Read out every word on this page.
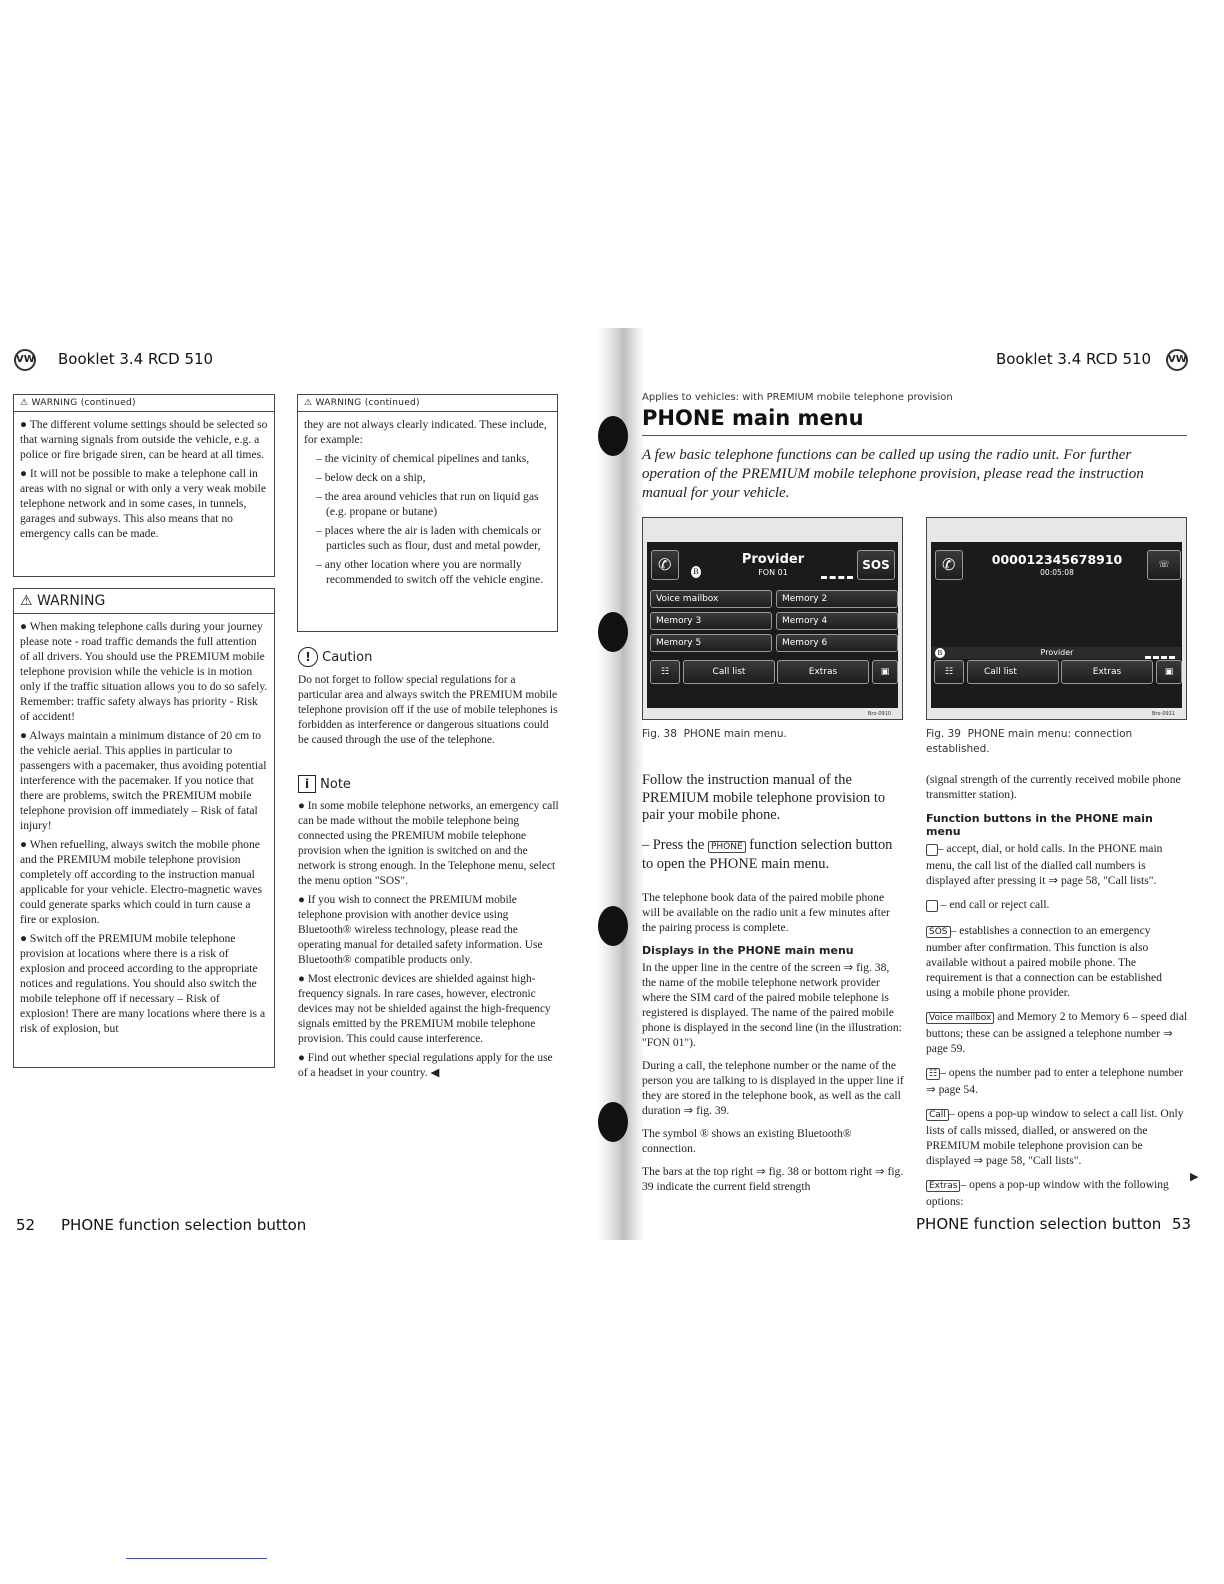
VW Booklet 3.4 RCD 510
⚠ WARNING (continued)

● The different volume settings should be selected so that warning signals from outside the vehicle, e.g. a police or fire brigade siren, can be heard at all times.

● It will not be possible to make a telephone call in areas with no signal or with only a very weak mobile telephone network and in some cases, in tunnels, garages and subways. This also means that no emergency calls can be made.

⚠ WARNING

● When making telephone calls during your journey please note - road traffic demands the full attention of all drivers. You should use the PREMIUM mobile telephone provision while the vehicle is in motion only if the traffic situation allows you to do so safely. Remember: traffic safety always has priority - Risk of accident!

● Always maintain a minimum distance of 20 cm to the vehicle aerial. This applies in particular to passengers with a pacemaker, thus avoiding potential interference with the pacemaker. If you notice that there are problems, switch the PREMIUM mobile telephone provision off immediately – Risk of fatal injury!

● When refuelling, always switch the mobile phone and the PREMIUM mobile telephone provision completely off according to the instruction manual applicable for your vehicle. Electro-magnetic waves could generate sparks which could in turn cause a fire or explosion.

● Switch off the PREMIUM mobile telephone provision at locations where there is a risk of explosion and proceed according to the appropriate notices and regulations. You should also switch the mobile telephone off if necessary – Risk of explosion! There are many locations where there is a risk of explosion, but

⚠ WARNING (continued)

they are not always clearly indicated. These include, for example:

– the vicinity of chemical pipelines and tanks,

– below deck on a ship,

– the area around vehicles that run on liquid gas (e.g. propane or butane)

– places where the air is laden with chemicals or particles such as flour, dust and metal powder,

– any other location where you are normally recommended to switch off the vehicle engine.

! Caution
Do not forget to follow special regulations for a particular area and always switch the PREMIUM mobile telephone provision off if the use of mobile telephones is forbidden as interference or dangerous situations could be caused through the use of the telephone.
i Note

● In some mobile telephone networks, an emergency call can be made without the mobile telephone being connected using the PREMIUM mobile telephone provision when the ignition is switched on and the network is strong enough. In the Telephone menu, select the menu option "SOS".

● If you wish to connect the PREMIUM mobile telephone provision with another device using Bluetooth® wireless technology, please read the operating manual for detailed safety information. Use Bluetooth® compatible products only.

● Most electronic devices are shielded against high-frequency signals. In rare cases, however, electronic devices may not be shielded against the high-frequency signals emitted by the PREMIUM mobile telephone provision. This could cause interference.

● Find out whether special regulations apply for the use of a headset in your country. ◀

52 PHONE function selection button
Booklet 3.4 RCD 510 VW
Applies to vehicles: with PREMIUM mobile telephone provision
PHONE main menu
A few basic telephone functions can be called up using the radio unit. For further operation of the PREMIUM mobile telephone provision, please read the instruction manual for your vehicle.
✆	B
Provider
FON 01
SOS
Voice mailbox	Memory 2
Memory 3	Memory 4
Memory 5	Memory 6
☷	Call list	Extras	▣
Bro-0910
Fig. 38 PHONE main menu.
✆	000012345678910
00:05:08
☏
B	Provider
☷	Call list	Extras	▣
Bro-0911
Fig. 39 PHONE main menu: connection established.

Follow the instruction manual of the PREMIUM mobile telephone provision to pair your mobile phone.

– Press the PHONE function selection button to open the PHONE main menu.

The telephone book data of the paired mobile phone will be available on the radio unit a few minutes after the pairing process is complete.

Displays in the PHONE main menu

In the upper line in the centre of the screen ⇒ fig. 38, the name of the mobile telephone network provider where the SIM card of the paired mobile telephone is registered is displayed. The name of the paired mobile phone is displayed in the second line (in the illustration: "FON 01").

During a call, the telephone number or the name of the person you are talking to is displayed in the upper line if they are stored in the telephone book, as well as the call duration ⇒ fig. 39.

The symbol ® shows an existing Bluetooth® connection.

The bars at the top right ⇒ fig. 38 or bottom right ⇒ fig. 39 indicate the current field strength

(signal strength of the currently received mobile phone transmitter station).

Function buttons in the PHONE main menu

– accept, dial, or hold calls. In the PHONE main menu, the call list of the dialled call numbers is displayed after pressing it ⇒ page 58, "Call lists".

– end call or reject call.

SOS – establishes a connection to an emergency number after confirmation. This function is also available without a paired mobile phone. The requirement is that a connection can be established using a mobile phone provider.

Voice mailbox and Memory 2 to Memory 6 – speed dial buttons; these can be assigned a telephone number ⇒ page 59.

☷ – opens the number pad to enter a telephone number ⇒ page 54.

Call – opens a pop-up window to select a call list. Only lists of calls missed, dialled, or answered on the PREMIUM mobile telephone provision can be displayed ⇒ page 58, "Call lists".

Extras – opens a pop-up window with the following options:

▶
PHONE function selection button 53
